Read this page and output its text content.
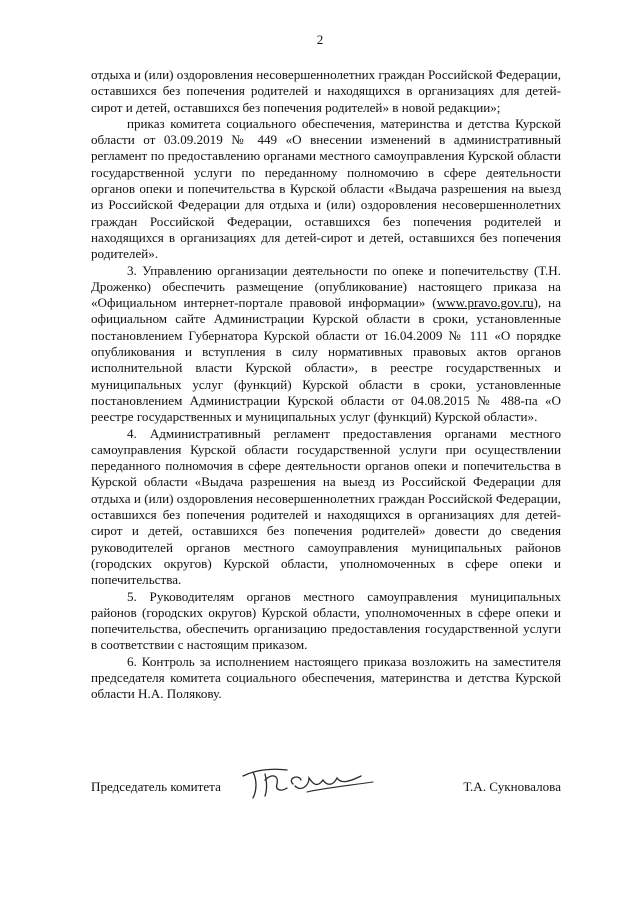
2

отдыха и (или) оздоровления несовершеннолетних граждан Российской Федерации, оставшихся без попечения родителей и находящихся в организациях для детей-сирот и детей, оставшихся без попечения родителей» в новой редакции»;

приказ комитета социального обеспечения, материнства и детства Курской области от 03.09.2019 № 449 «О внесении изменений в административный регламент по предоставлению органами местного самоуправления Курской области государственной услуги по переданному полномочию в сфере деятельности органов опеки и попечительства в Курской области «Выдача разрешения на выезд из Российской Федерации для отдыха и (или) оздоровления несовершеннолетних граждан Российской Федерации, оставшихся без попечения родителей и находящихся в организациях для детей-сирот и детей, оставшихся без попечения родителей».

3. Управлению организации деятельности по опеке и попечительству (Т.Н. Дроженко) обеспечить размещение (опубликование) настоящего приказа на «Официальном интернет-портале правовой информации» (www.pravo.gov.ru), на официальном сайте Администрации Курской области в сроки, установленные постановлением Губернатора Курской области от 16.04.2009 № 111 «О порядке опубликования и вступления в силу нормативных правовых актов органов исполнительной власти Курской области», в реестре государственных и муниципальных услуг (функций) Курской области в сроки, установленные постановлением Администрации Курской области от 04.08.2015 № 488-па «О реестре государственных и муниципальных услуг (функций) Курской области».

4. Административный регламент предоставления органами местного самоуправления Курской области государственной услуги при осуществлении переданного полномочия в сфере деятельности органов опеки и попечительства в Курской области «Выдача разрешения на выезд из Российской Федерации для отдыха и (или) оздоровления несовершеннолетних граждан Российской Федерации, оставшихся без попечения родителей и находящихся в организациях для детей-сирот и детей, оставшихся без попечения родителей» довести до сведения руководителей органов местного самоуправления муниципальных районов (городских округов) Курской области, уполномоченных в сфере опеки и попечительства.

5. Руководителям органов местного самоуправления муниципальных районов (городских округов) Курской области, уполномоченных в сфере опеки и попечительства, обеспечить организацию предоставления государственной услуги в соответствии с настоящим приказом.

6. Контроль за исполнением настоящего приказа возложить на заместителя председателя комитета социального обеспечения, материнства и детства Курской области Н.А. Полякову.

Председатель комитета	Т.А. Сукновалова
